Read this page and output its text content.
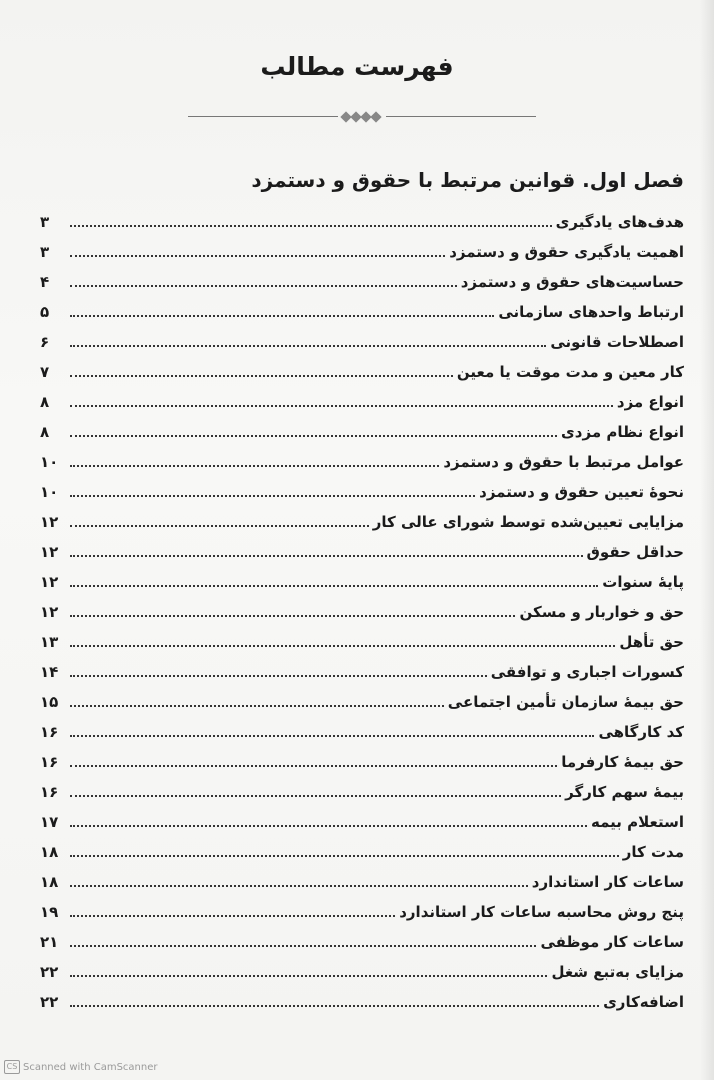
فهرست مطالب
فصل اول. قوانین مرتبط با حقوق و دستمزد
هدف‌های یادگیری
۳
اهمیت یادگیری حقوق و دستمزد
۳
حساسیت‌های حقوق و دستمزد
۴
ارتباط واحدهای سازمانی
۵
اصطلاحات قانونی
۶
کار معین و مدت موقت یا معین
۷
انواع مزد
۸
انواع نظام مزدی
۸
عوامل مرتبط با حقوق و دستمزد
۱۰
نحوهٔ تعیین حقوق و دستمزد
۱۰
مزایایی تعیین‌شده توسط شورای عالی کار
۱۲
حداقل حقوق
۱۲
پایهٔ سنوات
۱۲
حق و خواربار و مسکن
۱۲
حق تأهل
۱۳
کسورات اجباری و توافقی
۱۴
حق بیمهٔ سازمان تأمین اجتماعی
۱۵
کد کارگاهی
۱۶
حق بیمهٔ کارفرما
۱۶
بیمهٔ سهم کارگر
۱۶
استعلام بیمه
۱۷
مدت کار
۱۸
ساعات کار استاندارد
۱۸
پنج روش محاسبه ساعات کار استاندارد
۱۹
ساعات کار موظفی
۲۱
مزایای به‌تبع شغل
۲۲
اضافه‌کاری
۲۲
CS Scanned with CamScanner
